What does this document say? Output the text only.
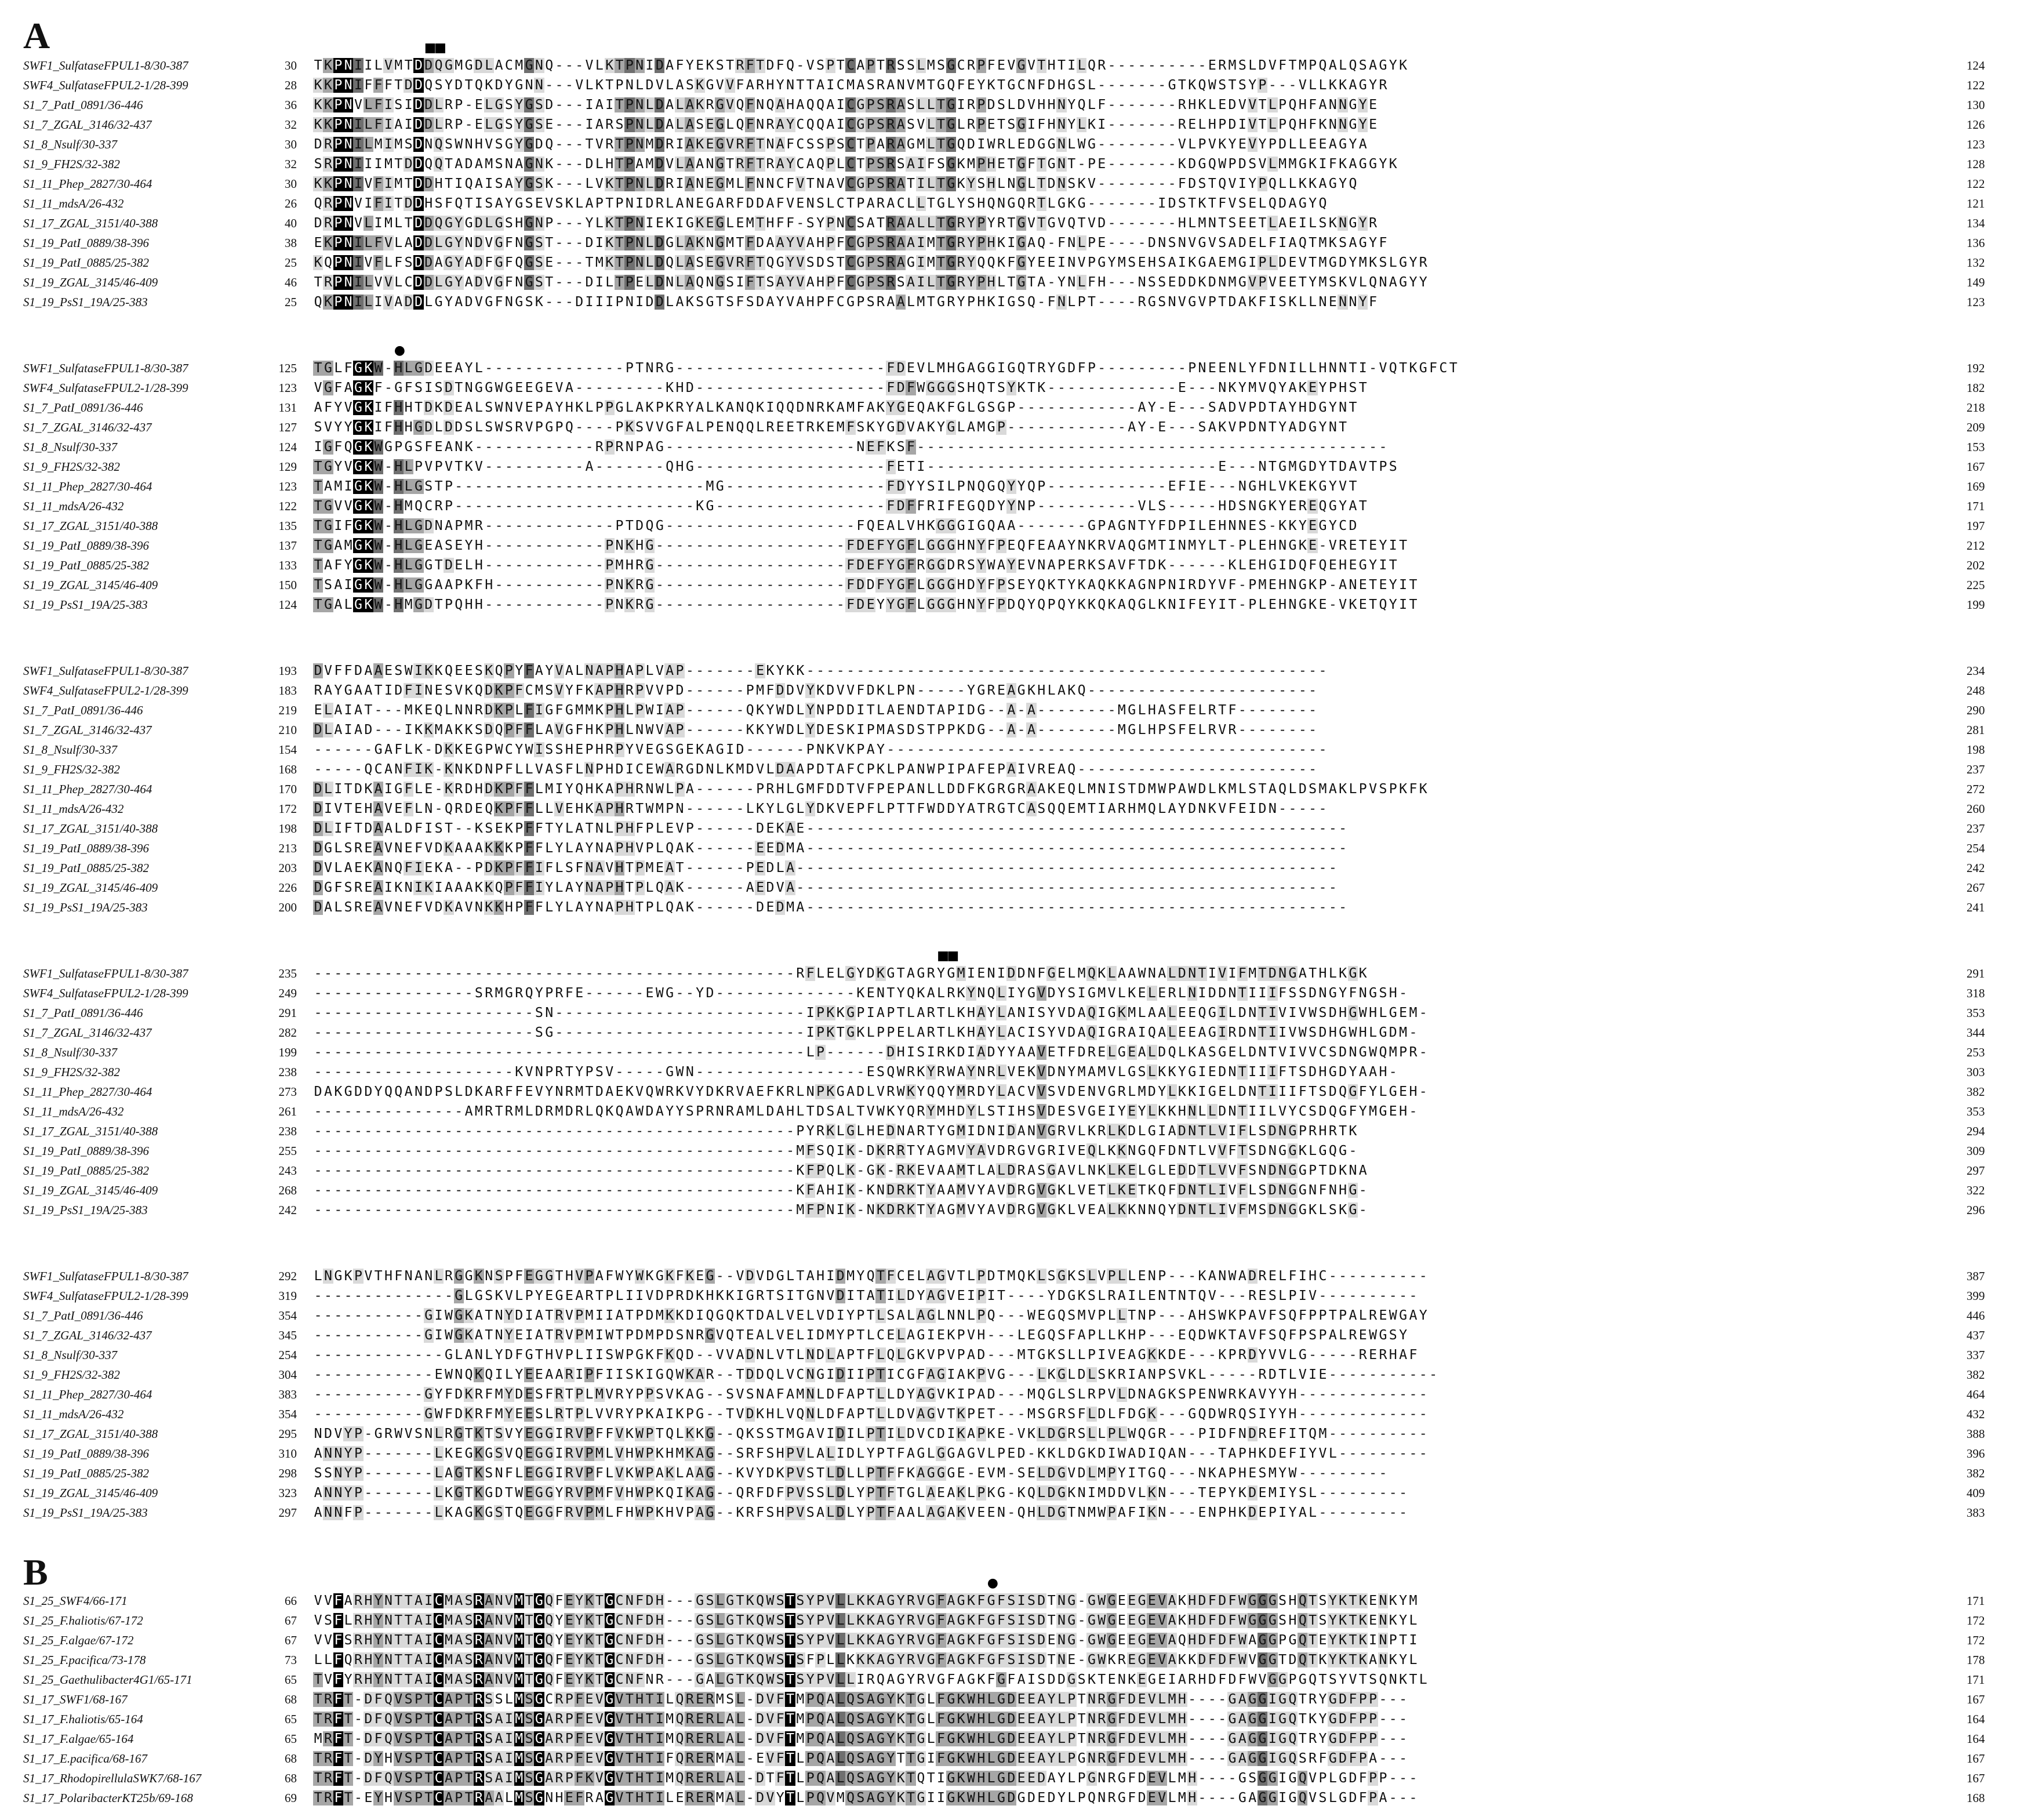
A
SWF1_SulfataseFPUL1-8/30-387	30 T K P N I I L V M T D D Q G M G D L A C M G N Q - - - V L K T P N I D A F Y E K S T R F T D F Q - V S P T C A P T R S S L M S G C R P F E V G V T H T I L Q R - - - - - - - - - - E R M S L D V F T M P Q A L Q S A G Y K	124
SWF4_SulfataseFPUL2-1/28-399	28 K K P N I F F F T D D Q S Y D T Q K D Y G N N - - - V L K T P N L D V L A S K G V V F A R H Y N T T A I C M A S R A N V M T G Q F E Y K T G C N F D H G S L - - - - - - - G T K Q W S T S Y P - - - V L L K K A G Y R	122
S1_7_PatI_0891/36-446	36 K K P N V L F I S I D D L R P - E L G S Y G S D - - - I A I T P N L D A L A K R G V Q F N Q A H A Q Q A I C G P S R A S L L T G I R P D S L D V H H N Y Q L F - - - - - - - R H K L E D V V T L P Q H F A N N G Y E	130
S1_7_ZGAL_3146/32-437	32 K K P N I L F I A I D D L R P - E L G S Y G S E - - - I A R S P N L D A L A S E G L Q F N R A Y C Q Q A I C G P S R A S V L T G L R P E T S G I F H N Y L K I - - - - - - - R E L H P D I V T L P Q H F K N N G Y E	126
S1_8_Nsulf/30-337	30 D R P N I L M I M S D N Q S W N H V S G Y G D Q - - - T V R T P N M D R I A K E G V R F T N A F C S S P S C T P A R A G M L T G Q D I W R L E D G G N L W G - - - - - - - - V L P V K Y E V Y P D L L E E A G Y A	123
S1_9_FH2S/32-382	32 S R P N I I I M T D D Q Q T A D A M S N A G N K - - - D L H T P A M D V L A A N G T R F T R A Y C A Q P L C T P S R S A I F S G K M P H E T G F T G N T - P E - - - - - - - K D G Q W P D S V L M M G K I F K A G G Y K	128
S1_11_Phep_2827/30-464	30 K K P N I V F I M T D D H T I Q A I S A Y G S K - - - L V K T P N L D R I A N E G M L F N N C F V T N A V C G P S R A T I L T G K Y S H L N G L T D N S K V - - - - - - - - F D S T Q V I Y P Q L L K K A G Y Q	122
S1_11_mdsA/26-432	26 Q R P N V I F I T D D H S F Q T I S A Y G S E V S K L A P T P N I D R L A N E G A R F D D A F V E N S L C T P A R A C L L T G L Y S H Q N G Q R T L G K G - - - - - - - I D S T K T F V S E L Q D A G Y Q	121
S1_17_ZGAL_3151/40-388	40 D R P N V L I M L T D D Q G Y G D L G S H G N P - - - Y L K T P N I E K I G K E G L E M T H F F - S Y P N C S A T R A A L L T G R Y P Y R T G V T G V Q T V D - - - - - - - H L M N T S E E T L A E I L S K N G Y R	134
S1_19_PatI_0889/38-396	38 E K P N I L F V L A D D L G Y N D V G F N G S T - - - D I K T P N L D G L A K N G M T F D A A Y V A H P F C G P S R A A I M T G R Y P H K I G A Q - F N L P E - - - - D N S N V G V S A D E L F I A Q T M K S A G Y F	136
S1_19_PatI_0885/25-382	25 K Q P N I V F L F S D D A G Y A D F G F Q G S E - - - T M K T P N L D Q L A S E G V R F T Q G Y V S D S T C G P S R A G I M T G R Y Q Q K F G Y E E I N V P G Y M S E H S A I K G A E M G I P L D E V T M G D Y M K S L G Y R	132
S1_19_ZGAL_3145/46-409	46 T R P N I L V V L C D D L G Y A D V G F N G S T - - - D I L T P E L D N L A Q N G S I F T S A Y V A H P F C G P S R S A I L T G R Y P H L T G T A - Y N L F H - - - N S S E D D K D N M G V P V E E T Y M S K V L Q N A G Y Y	149
S1_19_PsS1_19A/25-383	25 Q K P N I L I V A D D L G Y A D V G F N G S K - - - D I I I P N I D D L A K S G T S F S D A Y V A H P F C G P S R A A L M T G R Y P H K I G S Q - F N L P T - - - - R G S N V G V P T D A K F I S K L L N E N N Y F	123
SWF1_SulfataseFPUL1-8/30-387	125 T G L F G K W - H L G D E E A Y L - - - - - - - - - - - - - - P T N R G - - - - - - - - - - - - - - - - - - - - - F D E V L M H G A G G I G Q T R Y G D F P - - - - - - - - - P N E E N L Y F D N I L L H N N T I - V Q T K G F C T	192
SWF4_SulfataseFPUL2-1/28-399	123 V G F A G K F - G F S I S D T N G G W G E E G E V A - - - - - - - - - K H D - - - - - - - - - - - - - - - - - - - F D F W G G G S H Q T S Y K T K - - - - - - - - - - - - - E - - - N K Y M V Q Y A K E Y P H S T	182
S1_7_PatI_0891/36-446	131 A F Y V G K I F H H T D K D E A L S W N V E P A Y H K L P P G L A K P K R Y A L K A N Q K I Q Q D N R K A M F A K Y G E Q A K F G L G S G P - - - - - - - - - - - - A Y - E - - - S A D V P D T A Y H D G Y N T	218
S1_7_ZGAL_3146/32-437	127 S V Y Y G K I F H H G D L D D S L S W S R V P G P Q - - - - P K S V V G F A L P E N Q Q L R E E T R K E M F S K Y G D V A K Y G L A M G P - - - - - - - - - - - - A Y - E - - - S A K V P D N T Y A D G Y N T	209
S1_8_Nsulf/30-337	124 I G F Q G K W G P G S F E A N K - - - - - - - - - - - - R P R N P A G - - - - - - - - - - - - - - - - - - - N E F K S F - - - - - - - - - - - - - - - - - - - - - - - - - - - - - - - - - - - - - - - - - - - - - - -	153
S1_9_FH2S/32-382	129 T G Y V G K W - H L P V P V T K V - - - - - - - - - - A - - - - - - - Q H G - - - - - - - - - - - - - - - - - - - F E T I - - - - - - - - - - - - - - - - - - - - - - - - - - - - - E - - - N T G M G D Y T D A V T P S	167
S1_11_Phep_2827/30-464	123 T A M I G K W - H L G S T P - - - - - - - - - - - - - - - - - - - - - - - - - M G - - - - - - - - - - - - - - - - F D Y Y S I L P N Q G Q Y Y Q P - - - - - - - - - - - - E F I E - - - N G H L V K E K G Y V T	169
S1_11_mdsA/26-432	122 T G V V G K W - H M Q C R P - - - - - - - - - - - - - - - - - - - - - - - - K G - - - - - - - - - - - - - - - - - F D F F R I F E G Q D Y Y N P - - - - - - - - - - V L S - - - - - H D S N G K Y E R E Q G Y A T	171
S1_17_ZGAL_3151/40-388	135 T G I F G K W - H L G D N A P M R - - - - - - - - - - - - - P T D Q G - - - - - - - - - - - - - - - - - - - F Q E A L V H K G G G I G Q A A - - - - - - - G P A G N T Y F D P I L E H N N E S - K K Y E G Y C D	197
S1_19_PatI_0889/38-396	137 T G A M G K W - H L G E A S E Y H - - - - - - - - - - - - P N K H G - - - - - - - - - - - - - - - - - - - F D E F Y G F L G G G H N Y F P E Q F E A A Y N K R V A Q G M T I N M Y L T - P L E H N G K E - V R E T E Y I T	212
S1_19_PatI_0885/25-382	133 T A F Y G K W - H L G G T D E L H - - - - - - - - - - - - P M H R G - - - - - - - - - - - - - - - - - - - F D E F Y G F R G G D R S Y W A Y E V N A P E R K S A V F T D K - - - - - - K L E H G I D Q F Q E H E G Y I T	202
S1_19_ZGAL_3145/46-409	150 T S A I G K W - H L G G A A P K F H - - - - - - - - - - - P N K R G - - - - - - - - - - - - - - - - - - - F D D F Y G F L G G G H D Y F P S E Y Q K T Y K A Q K K A G N P N I R D Y V F - P M E H N G K P - A N E T E Y I T	225
S1_19_PsS1_19A/25-383	124 T G A L G K W - H M G D T P Q H H - - - - - - - - - - - - P N K R G - - - - - - - - - - - - - - - - - - - F D E Y Y G F L G G G H N Y F P D Q Y Q P Q Y K K Q K A Q G L K N I F E Y I T - P L E H N G K E - V K E T Q Y I T	199
SWF1_SulfataseFPUL1-8/30-387	193 D V F F D A A E S W I K K Q E E S K Q P Y F A Y V A L N A P H A P L V A P - - - - - - - E K Y K K - - - - - - - - - - - - - - - - - - - - - - - - - - - - - - - - - - - - - - - - - - - - - - - - - - - -	234
SWF4_SulfataseFPUL2-1/28-399	183 R A Y G A A T I D F I N E S V K Q D K P F C M S V Y F K A P H R P V V P D - - - - - - P M F D D V Y K D V V F D K L P N - - - - - Y G R E A G K H L A K Q - - - - - - - - - - - - - - - - - - - - - - -	248
S1_7_PatI_0891/36-446	219 E L A I A T - - - M K E Q L N N R D K P L F I G F G M M K P H L P W I A P - - - - - - Q K Y W D L Y N P D D I T L A E N D T A P I D G - - A - A - - - - - - - - M G L H A S F E L R T F - - - - - - - -	290
S1_7_ZGAL_3146/32-437	210 D L A I A D - - - I K K M A K K S D Q P F F L A V G F H K P H L N W V A P - - - - - - K K Y W D L Y D E S K I P M A S D S T P P K D G - - A - A - - - - - - - - M G L H P S F E L R V R - - - - - - - -	281
S1_8_Nsulf/30-337	154 - - - - - - G A F L K - D K K E G P W C Y W I S S H E P H R P Y V E G S G E K A G I D - - - - - - P N K V K P A Y - - - - - - - - - - - - - - - - - - - - - - - - - - - - - - - - - - - - - - - - - - - -	198
S1_9_FH2S/32-382	168 - - - - - Q C A N F I K - K N K D N P F L L V A S F L N P H D I C E W A R G D N L K M D V L D A A P D T A F C P K L P A N W P I P A F E P A I V R E A Q - - - - - - - - - - - - - - - - - - - - - - - -	237
S1_11_Phep_2827/30-464	170 D L I T D K A I G F L E - K R D H D K P F F L M I Y Q H K A P H R N W L P A - - - - - - P R H L G M F D D T V F P E P A N L L D D F K G R G R A A K E Q L M N I S T D M W P A W D L K M L S T A Q L D S M A K L P V S P K F K	272
S1_11_mdsA/26-432	172 D I V T E H A V E F L N - Q R D E Q K P F F L L V E H K A P H R T W M P N - - - - - - L K Y L G L Y D K V E P F L P T T F W D D Y A T R G T C A S Q Q E M T I A R H M Q L A Y D N K V F E I D N - - - - -	260
S1_17_ZGAL_3151/40-388	198 D L I F T D A A L D F I S T - - K S E K P F F T Y L A T N L P H F P L E V P - - - - - - D E K A E - - - - - - - - - - - - - - - - - - - - - - - - - - - - - - - - - - - - - - - - - - - - - - - - - - - - - -	237
S1_19_PatI_0889/38-396	213 D G L S R E A V N E F V D K A A A K K K P F F L Y L A Y N A P H V P L Q A K - - - - - - E E D M A - - - - - - - - - - - - - - - - - - - - - - - - - - - - - - - - - - - - - - - - - - - - - - - - - - - - - -	254
S1_19_PatI_0885/25-382	203 D V L A E K A N Q F I E K A - - P D K P F F I F L S F N A V H T P M E A T - - - - - - P E D L A - - - - - - - - - - - - - - - - - - - - - - - - - - - - - - - - - - - - - - - - - - - - - - - - - - - - - -	242
S1_19_ZGAL_3145/46-409	226 D G F S R E A I K N I K I A A A K K Q P F F I Y L A Y N A P H T P L Q A K - - - - - - A E D V A - - - - - - - - - - - - - - - - - - - - - - - - - - - - - - - - - - - - - - - - - - - - - - - - - - - - - -	267
S1_19_PsS1_19A/25-383	200 D A L S R E A V N E F V D K A V N K K H P F F L Y L A Y N A P H T P L Q A K - - - - - - D E D M A - - - - - - - - - - - - - - - - - - - - - - - - - - - - - - - - - - - - - - - - - - - - - - - - - - - - - -	241
SWF1_SulfataseFPUL1-8/30-387	235 - - - - - - - - - - - - - - - - - - - - - - - - - - - - - - - - - - - - - - - - - - - - - - - - R F L E L G Y D K G T A G R Y G M I E N I D D N F G E L M Q K L A A W N A L D N T I V I F M T D N G A T H L K G K	291
SWF4_SulfataseFPUL2-1/28-399	249 - - - - - - - - - - - - - - - - S R M G R Q Y P R F E - - - - - - E W G - - Y D - - - - - - - - - - - - - - K E N T Y Q K A L R K Y N Q L I Y G V D Y S I G M V L K E L E R L N I D D N T I I I F S S D N G Y F N G S H -	318
S1_7_PatI_0891/36-446	291 - - - - - - - - - - - - - - - - - - - - - - S N - - - - - - - - - - - - - - - - - - - - - - - - - I P K K G P I A P T L A R T L K H A Y L A N I S Y V D A Q I G K M L A A L E E Q G I L D N T I V I V W S D H G W H L G E M -	353
S1_7_ZGAL_3146/32-437	282 - - - - - - - - - - - - - - - - - - - - - - S G - - - - - - - - - - - - - - - - - - - - - - - - - I P K T G K L P P E L A R T L K H A Y L A C I S Y V D A Q I G R A I Q A L E E A G I R D N T I I V W S D H G W H L G D M -	344
S1_8_Nsulf/30-337	199 - - - - - - - - - - - - - - - - - - - - - - - - - - - - - - - - - - - - - - - - - - - - - - - - - L P - - - - - - D H I S I R K D I A D Y Y A A V E T F D R E L G E A L D Q L K A S G E L D N T V I V V C S D N G W Q M P R -	253
S1_9_FH2S/32-382	238 - - - - - - - - - - - - - - - - - - - - K V N P R T Y P S V - - - - - G W N - - - - - - - - - - - - - - - - - E S Q W R K Y R W A Y N R L V E K V D N Y M A M V L G S L K K Y G I E D N T I I I F T S D H G D Y A A H -	303
S1_11_Phep_2827/30-464	273 D A K G D D Y Q Q A N D P S L D K A R F F E V Y N R M T D A E K V Q W R K V Y D K R V A E F K R L N P K G A D L V R W K Y Q Q Y M R D Y L A C V V S V D E N V G R L M D Y L K K I G E L D N T I I I F T S D Q G F Y L G E H -	382
S1_11_mdsA/26-432	261 - - - - - - - - - - - - - - - A M R T R M L D R M D R L Q K Q A W D A Y Y S P R N R A M L D A H L T D S A L T V W K Y Q R Y M H D Y L S T I H S V D E S V G E I Y E Y L K K H N L L D N T I I L V Y C S D Q G F Y M G E H -	353
S1_17_ZGAL_3151/40-388	238 - - - - - - - - - - - - - - - - - - - - - - - - - - - - - - - - - - - - - - - - - - - - - - - - P Y R K L G L H E D N A R T Y G M I D N I D A N V G R V L K R L K D L G I A D N T L V I F L S D N G P R H R T K	294
S1_19_PatI_0889/38-396	255 - - - - - - - - - - - - - - - - - - - - - - - - - - - - - - - - - - - - - - - - - - - - - - - - M F S Q I K - D K R R T Y A G M V Y A V D R G V G R I V E Q L K K N G Q F D N T L V V F T S D N G G K L G Q G -	309
S1_19_PatI_0885/25-382	243 - - - - - - - - - - - - - - - - - - - - - - - - - - - - - - - - - - - - - - - - - - - - - - - - K F P Q L K - G K - R K E V A A M T L A L D R A S G A V L N K L K E L G L E D D T L V V F S N D N G G P T D K N A	297
S1_19_ZGAL_3145/46-409	268 - - - - - - - - - - - - - - - - - - - - - - - - - - - - - - - - - - - - - - - - - - - - - - - - K F A H I K - K N D R K T Y A A M V Y A V D R G V G K L V E T L K E T K Q F D N T L I V F L S D N G G N F N H G -	322
S1_19_PsS1_19A/25-383	242 - - - - - - - - - - - - - - - - - - - - - - - - - - - - - - - - - - - - - - - - - - - - - - - - M F P N I K - N K D R K T Y A G M V Y A V D R G V G K L V E A L K K N N Q Y D N T L I V F M S D N G G K L S K G -	296
SWF1_SulfataseFPUL1-8/30-387	292 L N G K P V T H F N A N L R G G K N S P F E G G T H V P A F W Y W K G K F K E G - - V D V D G L T A H I D M Y Q T F C E L A G V T L P D T M Q K L S G K S L V P L L E N P - - - K A N W A D R E L F I H C - - - - - - - - - -	387
SWF4_SulfataseFPUL2-1/28-399	319 - - - - - - - - - - - - - - G L G S K V L P Y E G E A R T P L I I V D P R D K H K K I G R T S I T G N V D I T A T I L D Y A G V E I P I T - - - - Y D G K S L R A I L E N T N T Q V - - - R E S L P I V - - - - - - - - - -	399
S1_7_PatI_0891/36-446	354 - - - - - - - - - - - G I W G K A T N Y D I A T R V P M I I A T P D M K K D I Q G Q K T D A L V E L V D I Y P T L S A L A G L N N L P Q - - - W E G Q S M V P L L T N P - - - A H S W K P A V F S Q F P P T P A L R E W G A Y	446
S1_7_ZGAL_3146/32-437	345 - - - - - - - - - - - G I W G K A T N Y E I A T R V P M I W T P D M P D S N R G V Q T E A L V E L I D M Y P T L C E L A G I E K P V H - - - L E G Q S F A P L L K H P - - - E Q D W K T A V F S Q F P S P A L R E W G S Y	437
S1_8_Nsulf/30-337	254 - - - - - - - - - - - - - G L A N L Y D F G T H V P L I I S W P G K F K Q D - - V V A D N L V T L N D L A P T F L Q L G K V P V P A D - - - M T G K S L L P I V E A G K K D E - - - K P R D Y V V L G - - - - - R E R H A F	337
S1_9_FH2S/32-382	304 - - - - - - - - - - - - E W N Q K Q I L Y E E A A R I P F I I S K I G Q W K A R - - T D D Q L V C N G I D I I P T I C G F A G I A K P V G - - - L K G L D L S K R I A N P S V K L - - - - - R D T L V I E - - - - - - - - - - -	382
S1_11_Phep_2827/30-464	383 - - - - - - - - - - - G Y F D K R F M Y D E S F R T P L M V R Y P P S V K A G - - S V S N A F A M N L D F A P T L L D Y A G V K I P A D - - - M Q G L S L R P V L D N A G K S P E N W R K A V Y Y H - - - - - - - - - - - - -	464
S1_11_mdsA/26-432	354 - - - - - - - - - - - G W F D K R F M Y E E S L R T P L V V R Y P K A I K P G - - T V D K H L V Q N L D F A P T L L D V A G V T K P E T - - - M S G R S F L D L F D G K - - - G Q D W R Q S I Y Y H - - - - - - - - - - - - -	432
S1_17_ZGAL_3151/40-388	295 N D V Y P - G R W V S N L R G T K T S V Y E G G I R V P F F V K W P T Q L K K G - - Q K S S T M G A V I D I L P T I L D V C D I K A P K E - V K L D G R S L L P L W Q G R - - - P I D F N D R E F I T Q M - - - - - - - - - -	388
S1_19_PatI_0889/38-396	310 A N N Y P - - - - - - - L K E G K G S V Q E G G I R V P M L V H W P K H M K A G - - S R F S H P V L A L I D L Y P T F A G L G G A G V L P E D - K K L D G K D I W A D I Q A N - - - T A P H K D E F I Y V L - - - - - - - - -	396
S1_19_PatI_0885/25-382	298 S S N Y P - - - - - - - L A G T K S N F L E G G I R V P F L V K W P A K L A A G - - K V Y D K P V S T L D L L P T F F K A G G G E - E V M - S E L D G V D L M P Y I T G Q - - - N K A P H E S M Y W - - - - - - - - -	382
S1_19_ZGAL_3145/46-409	323 A N N Y P - - - - - - - L K G T K G D T W E G G Y R V P M F V H W P K Q I K A G - - Q R F D F P V S S L D L Y P T F T G L A E A K L P K G - K Q L D G K N I M D D V L K N - - - T E P Y K D E M I Y S L - - - - - - - - -	409
S1_19_PsS1_19A/25-383	297 A N N F P - - - - - - - L K A G K G S T Q E G G F R V P M L F H W P K H V P A G - - K R F S H P V S A L D L Y P T F A A L A G A K V E E N - Q H L D G T N M W P A F I K N - - - E N P H K D E P I Y A L - - - - - - - - -	383
B
S1_25_SWF4/66-171	66 V V F A R H Y N T T A I C M A S R A N V M T G Q F E Y K T G C N F D H - - - G S L G T K Q W S T S Y P V L L K K A G Y R V G F A G K F G F S I S D T N G - G W G E E G E V A K H D F D F W G G G S H Q T S Y K T K E N K Y M	171
S1_25_F.haliotis/67-172	67 V S F L R H Y N T T A I C M A S R A N V M T G Q Y E Y K T G C N F D H - - - G S L G T K Q W S T S Y P V L L K K A G Y R V G F A G K F G F S I S D T N G - G W G E E G E V A K H D F D F W G G G S H Q T S Y K T K E N K Y L	172
S1_25_F.algae/67-172	67 V V F S R H Y N T T A I C M A S R A N V M T G Q Y E Y K T G C N F D H - - - G S L G T K Q W S T S Y P V L L K K A G Y R V G F A G K F G F S I S D E N G - G W G E E G E V A Q H D F D F W A G G P G Q T E Y K T K I N P T I	172
S1_25_F.pacifica/73-178	73 L L F Q R H Y N T T A I C M A S R A N V M T G Q F E Y K T G C N F D H - - - G S L G T K Q W S T S F P L L K K K A G Y R V G F A G K F G F S I S D T N E - G W K R E G E V A K K D F D F W V G G T D Q T K Y K T K A N K Y L	178
S1_25_Gaethulibacter4G1/65-171	65 T V F Y R H Y N T T A I C M A S R A N V M T G Q F E Y K T G C N F N R - - - G A L G T K Q W S T S Y P V L L I R Q A G Y R V G F A G K F G F A I S D D G S K T E N K E G E I A R H D F D F W V G G P G Q T S Y V T S Q N K T L	171
S1_17_SWF1/68-167	68 T R F T - D F Q V S P T C A P T R S S L M S G C R P F E V G V T H T I L Q R E R M S L - D V F T M P Q A L Q S A G Y K T G L F G K W H L G D E E A Y L P T N R G F D E V L M H - - - - G A G G I G Q T R Y G D F P P - - -	167
S1_17_F.haliotis/65-164	65 T R F T - D F Q V S P T C A P T R S A I M S G A R P F E V G V T H T I M Q R E R L A L - D V F T M P Q A L Q S A G Y K T G L F G K W H L G D E E A Y L P T N R G F D E V L M H - - - - G A G G I G Q T K Y G D F P P - - -	164
S1_17_F.algae/65-164	65 M R F T - D F Q V S P T C A P T R S A I M S G A R P F E V G V T H T I M Q R E R L A L - D V F T M P Q A L Q S A G Y K T G L F G K W H L G D E E A Y L P T N R G F D E V L M H - - - - G A G G I G Q T R Y G D F P P - - -	164
S1_17_E.pacifica/68-167	68 T R F T - D Y H V S P T C A P T R S A I M S G A R P F E V G V T H T I F Q R E R M A L - E V F T L P Q A L Q S A G Y T T G I F G K W H L G D E E A Y L P G N R G F D E V L M H - - - - G A G G I G Q S R F G D F P A - - -	167
S1_17_RhodopirellulaSWK7/68-167	68 T R F T - D F Q V S P T C A P T R S A I M S G A R P F K V G V T H T I M Q R E R L A L - D T F T L P Q A L Q S A G Y K T Q T I G K W H L G D E E D A Y L P G N R G F D E V L M H - - - - G S G G I G Q V P L G D F P P - - -	167
S1_17_PolaribacterKT25b/69-168	69 T R F T - E Y H V S P T C A P T R A A L M S G N H E F R A G V T H T I L E R E R M A L - D V Y T L P Q V M Q S A G Y K T G I I G K W H L G D G D E D Y L P Q N R G F D E V L M H - - - - G A G G I G Q V S L G D F P A - - -	168
■
■
●
■
■
●
